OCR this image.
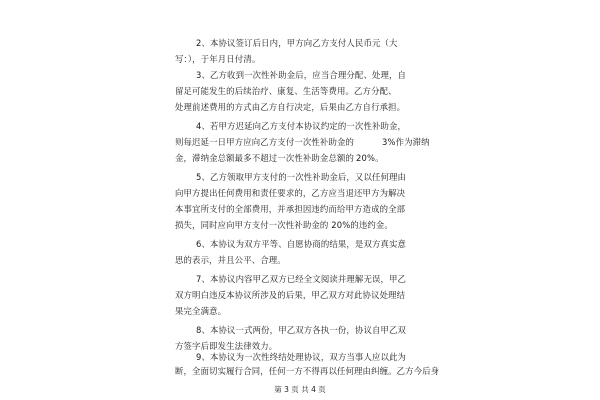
2、本协议签订后日内，甲方向乙方支付人民币元（大
写：），于年月日付清。
3、乙方收到一次性补助金后，应当合理分配、处理，自
留足可能发生的后续治疗、康复、生活等费用。乙方分配、
处理前述费用的方式由乙方自行决定，后果由乙方自行承担。
4、若甲方迟延向乙方支付本协议约定的一次性补助金，
则每迟延一日甲方应向乙方支付一次性补助金的	3%作为滞纳
金，滞纳金总额最多不超过一次性补助金总额的 20%。
5、乙方领取甲方支付的一次性补助金后，又以任何理由
向甲方提出任何费用和责任要求的，乙方应当退还甲方为解决
本事宜所支付的全部费用，并承担因违约而给甲方造成的全部
损失，同时应向甲方支付一次性补助金的 20%的违约金。
6、本协议为双方平等、自愿协商的结果，是双方真实意
思的表示，并且公平、合理。
7、本协议内容甲乙双方已经全文阅读并理解无误，甲乙
双方明白违反本协议所涉及的后果，甲乙双方对此协议处理结
果完全满意。
8、本协议一式两份，甲乙双方各执一份，协议自甲乙双
方签字后即发生法律效力。
9、本协议为一次性终结处理协议，双方当事人应以此为
断，全面切实履行合同，任何一方不得再以任何理由纠缠。乙方今后身
第 3 页 共 4 页
